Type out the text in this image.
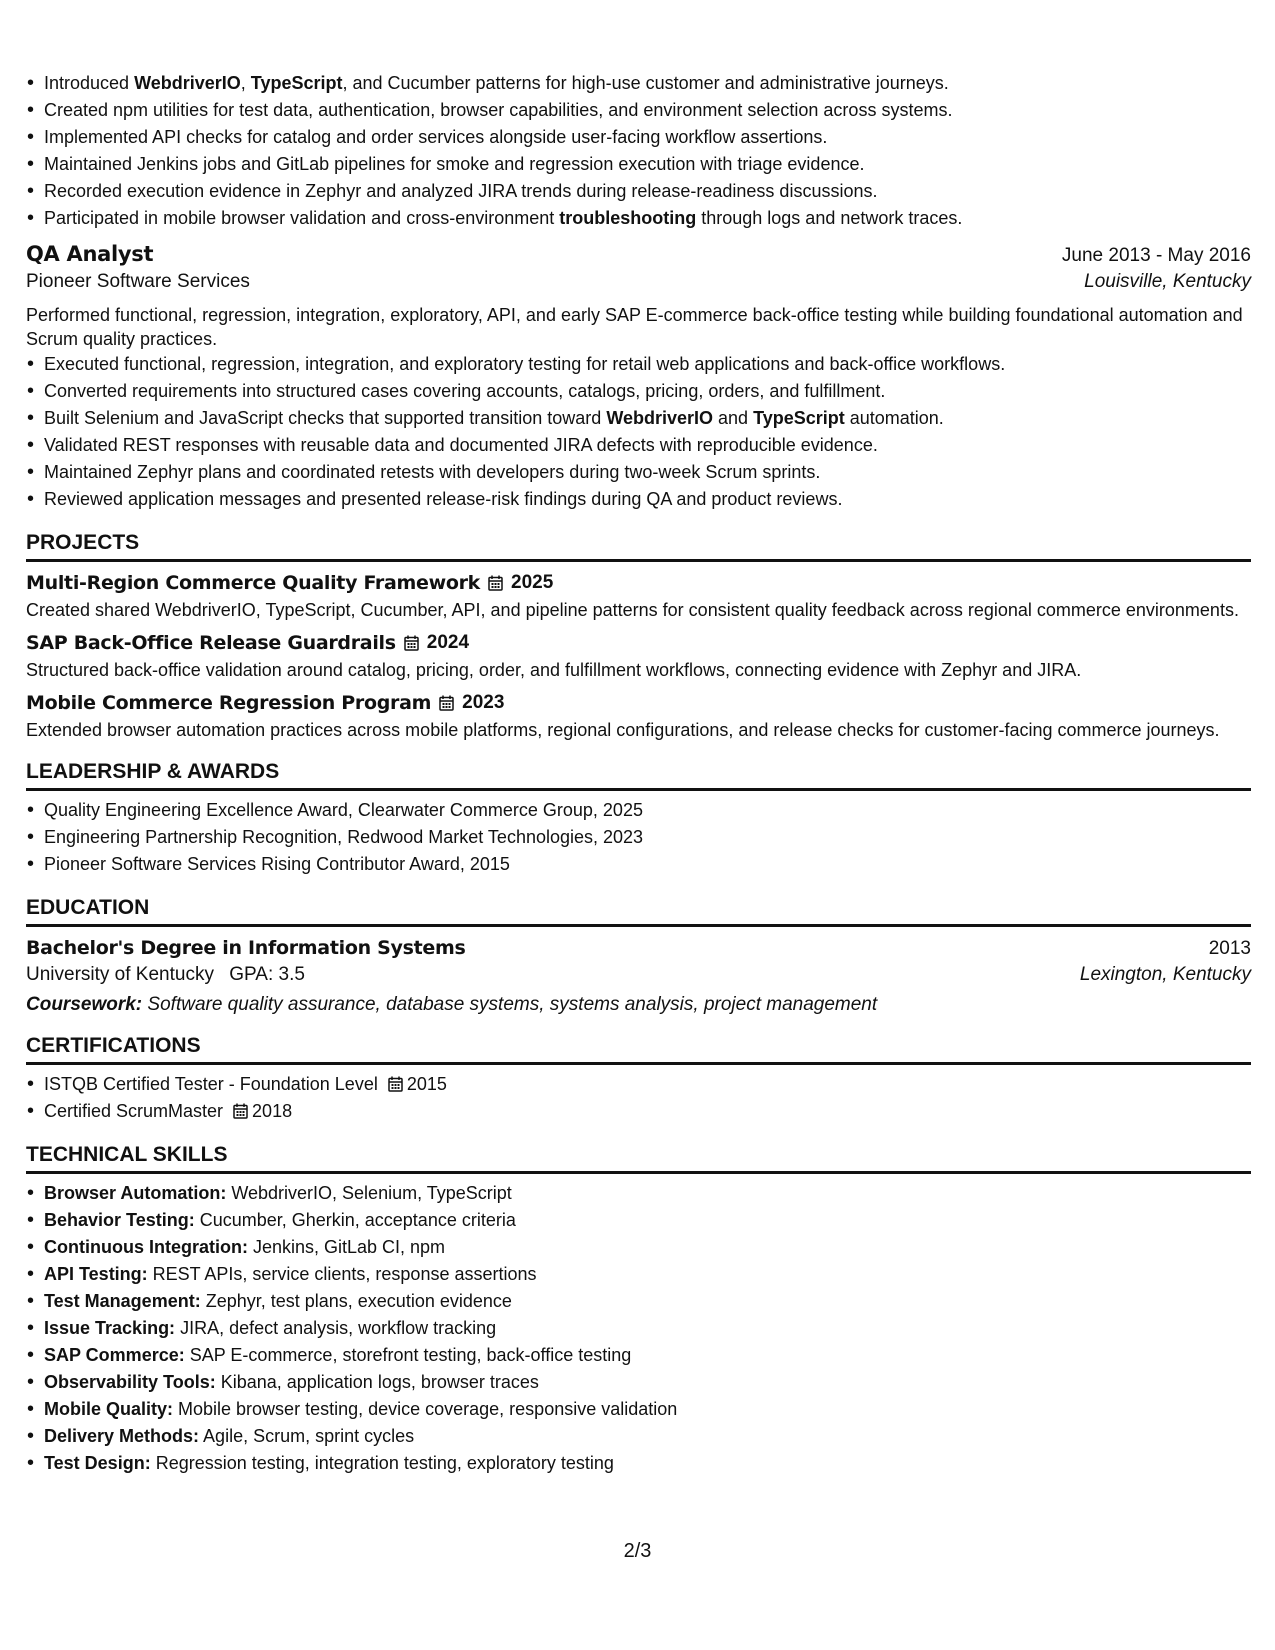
• Introduced WebdriverIO, TypeScript, and Cucumber patterns for high-use customer and administrative journeys.
• Created npm utilities for test data, authentication, browser capabilities, and environment selection across systems.
• Implemented API checks for catalog and order services alongside user-facing workflow assertions.
• Maintained Jenkins jobs and GitLab pipelines for smoke and regression execution with triage evidence.
• Recorded execution evidence in Zephyr and analyzed JIRA trends during release-readiness discussions.
• Participated in mobile browser validation and cross-environment troubleshooting through logs and network traces.
QA Analyst	June 2013 - May 2016
Pioneer Software Services	Louisville, Kentucky
Performed functional, regression, integration, exploratory, API, and early SAP E-commerce back-office testing while building foundational automation and Scrum quality practices.
• Executed functional, regression, integration, and exploratory testing for retail web applications and back-office workflows.
• Converted requirements into structured cases covering accounts, catalogs, pricing, orders, and fulfillment.
• Built Selenium and JavaScript checks that supported transition toward WebdriverIO and TypeScript automation.
• Validated REST responses with reusable data and documented JIRA defects with reproducible evidence.
• Maintained Zephyr plans and coordinated retests with developers during two-week Scrum sprints.
• Reviewed application messages and presented release-risk findings during QA and product reviews.
PROJECTS
Multi-Region Commerce Quality Framework 2025
Created shared WebdriverIO, TypeScript, Cucumber, API, and pipeline patterns for consistent quality feedback across regional commerce environments.
SAP Back-Office Release Guardrails 2024
Structured back-office validation around catalog, pricing, order, and fulfillment workflows, connecting evidence with Zephyr and JIRA.
Mobile Commerce Regression Program 2023
Extended browser automation practices across mobile platforms, regional configurations, and release checks for customer-facing commerce journeys.
LEADERSHIP & AWARDS
• Quality Engineering Excellence Award, Clearwater Commerce Group, 2025
• Engineering Partnership Recognition, Redwood Market Technologies, 2023
• Pioneer Software Services Rising Contributor Award, 2015
EDUCATION
Bachelor's Degree in Information Systems	2013
University of Kentucky GPA: 3.5	Lexington, Kentucky
Coursework: Software quality assurance, database systems, systems analysis, project management
CERTIFICATIONS
• ISTQB Certified Tester - Foundation Level 2015
• Certified ScrumMaster 2018
TECHNICAL SKILLS
• Browser Automation: WebdriverIO, Selenium, TypeScript
• Behavior Testing: Cucumber, Gherkin, acceptance criteria
• Continuous Integration: Jenkins, GitLab CI, npm
• API Testing: REST APIs, service clients, response assertions
• Test Management: Zephyr, test plans, execution evidence
• Issue Tracking: JIRA, defect analysis, workflow tracking
• SAP Commerce: SAP E-commerce, storefront testing, back-office testing
• Observability Tools: Kibana, application logs, browser traces
• Mobile Quality: Mobile browser testing, device coverage, responsive validation
• Delivery Methods: Agile, Scrum, sprint cycles
• Test Design: Regression testing, integration testing, exploratory testing
2/3
